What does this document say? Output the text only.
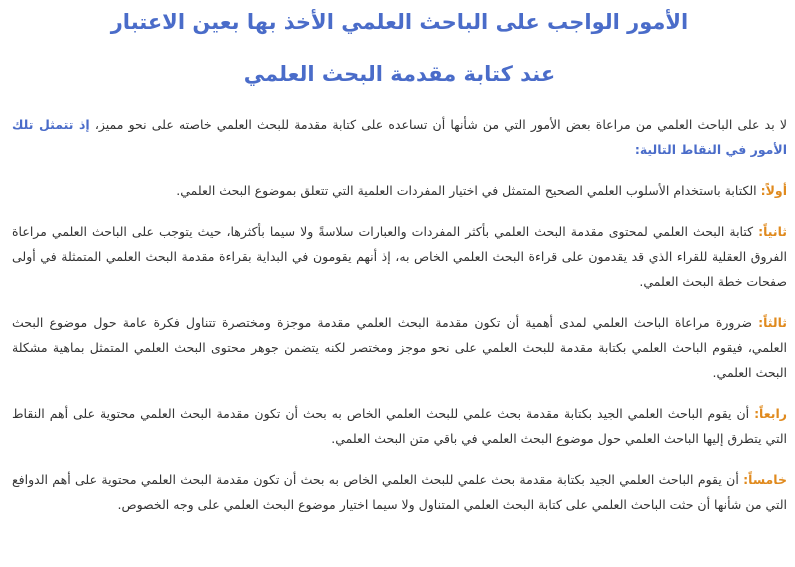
الأمور الواجب على الباحث العلمي الأخذ بها بعين الاعتبار
عند كتابة مقدمة البحث العلمي

لا بد على الباحث العلمي من مراعاة بعض الأمور التي من شأنها أن تساعده على كتابة مقدمة للبحث العلمي خاصته على نحو مميز، إذ تتمثل تلك الأمور في النقاط التالية:

أولاً: الكتابة باستخدام الأسلوب العلمي الصحيح المتمثل في اختيار المفردات العلمية التي تتعلق بموضوع البحث العلمي.

ثانياً: كتابة البحث العلمي لمحتوى مقدمة البحث العلمي بأكثر المفردات والعبارات سلاسةً ولا سيما بأكثرها، حيث يتوجب على الباحث العلمي مراعاة الفروق العقلية للقراء الذي قد يقدمون على قراءة البحث العلمي الخاص به، إذ أنهم يقومون في البداية بقراءة مقدمة البحث العلمي المتمثلة في أولى صفحات خطة البحث العلمي.

ثالثاً: ضرورة مراعاة الباحث العلمي لمدى أهمية أن تكون مقدمة البحث العلمي مقدمة موجزة ومختصرة تتناول فكرة عامة حول موضوع البحث العلمي، فيقوم الباحث العلمي بكتابة مقدمة للبحث العلمي على نحو موجز ومختصر لكنه يتضمن جوهر محتوى البحث العلمي المتمثل بماهية مشكلة البحث العلمي.

رابعاً: أن يقوم الباحث العلمي الجيد بكتابة مقدمة بحث علمي للبحث العلمي الخاص به بحث أن تكون مقدمة البحث العلمي محتوية على أهم النقاط التي يتطرق إليها الباحث العلمي حول موضوع البحث العلمي في باقي متن البحث العلمي.

خامساً: أن يقوم الباحث العلمي الجيد بكتابة مقدمة بحث علمي للبحث العلمي الخاص به بحث أن تكون مقدمة البحث العلمي محتوية على أهم الدوافع التي من شأنها أن حثت الباحث العلمي على كتابة البحث العلمي المتناول ولا سيما اختيار موضوع البحث العلمي على وجه الخصوص.
